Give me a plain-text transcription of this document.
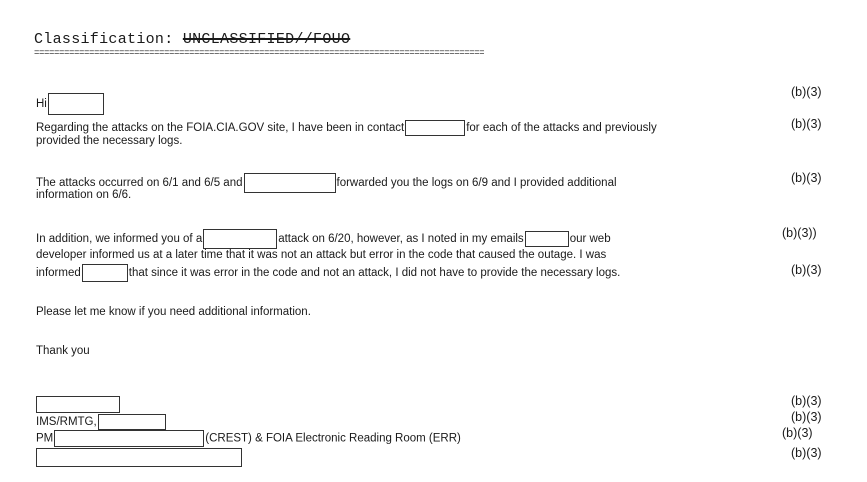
Classification: UNCLASSIFIED//FOUO
==========================================================================================
Hi
Regarding the attacks on the FOIA.CIA.GOV site, I have been in contact	for each of the attacks and previously
provided the necessary logs.
The attacks occurred on 6/1 and 6/5 and	forwarded you the logs on 6/9 and I provided additional
information on 6/6.
In addition, we informed you of a	attack on 6/20, however, as I noted in my emails	our web
developer informed us at a later time that it was not an attack but error in the code that caused the outage. I was
informed	that since it was error in the code and not an attack, I did not have to provide the necessary logs.
Please let me know if you need additional information.
Thank you
IMS/RMTG,
PM	(CREST) & FOIA Electronic Reading Room (ERR)
(b)(3)
(b)(3)
(b)(3)
(b)(3))
(b)(3)
(b)(3)
(b)(3)
(b)(3)
(b)(3)
